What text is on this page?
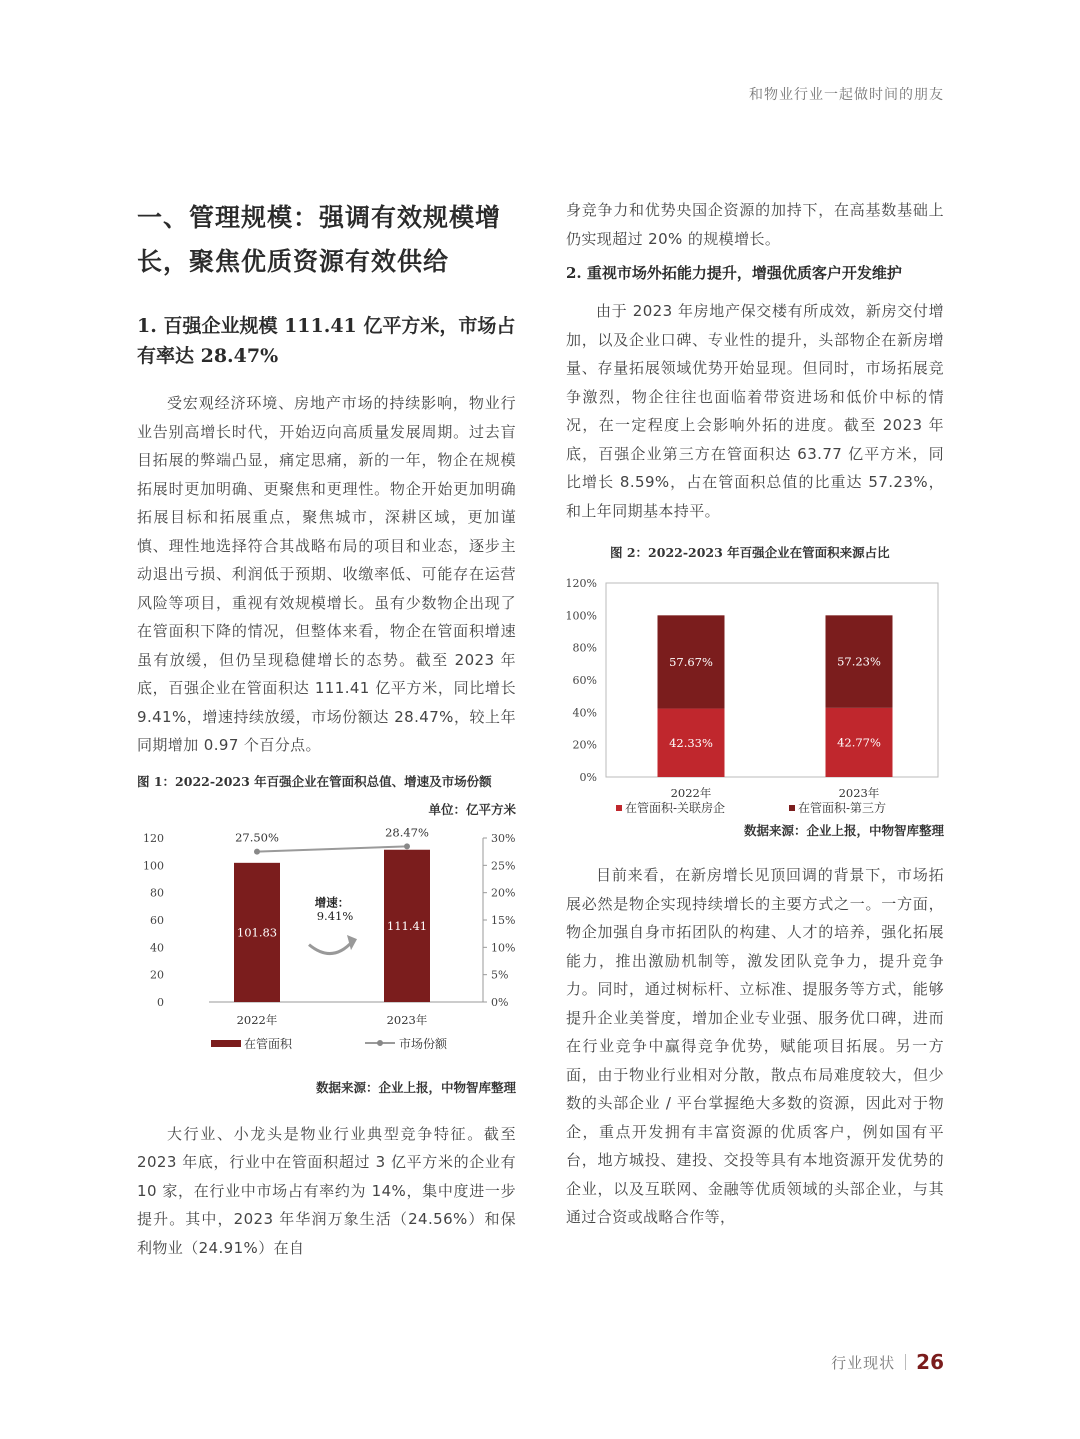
和物业行业一起做时间的朋友
一、管理规模：强调有效规模增长，聚焦优质资源有效供给
1. 百强企业规模 111.41 亿平方米，市场占有率达 28.47%

受宏观经济环境、房地产市场的持续影响，物业行业告别高增长时代，开始迈向高质量发展周期。过去盲目拓展的弊端凸显，痛定思痛，新的一年，物企在规模拓展时更加明确、更聚焦和更理性。物企开始更加明确拓展目标和拓展重点，聚焦城市，深耕区域，更加谨慎、理性地选择符合其战略布局的项目和业态，逐步主动退出亏损、利润低于预期、收缴率低、可能存在运营风险等项目，重视有效规模增长。虽有少数物企出现了在管面积下降的情况，但整体来看，物企在管面积增速虽有放缓，但仍呈现稳健增长的态势。截至 2023 年底，百强企业在管面积达 111.41 亿平方米，同比增长 9.41%，增速持续放缓，市场份额达 28.47%，较上年同期增加 0.97 个百分点。

图 1：2022-2023 年百强企业在管面积总值、增速及市场份额
单位：亿平方米
0
20
40
60
80
100
120
0%
5%
10%
15%
20%
25%
30%
101.83
2022年
111.41
2023年
27.50%	28.47%
增速：
9.41%
在管面积	市场份额
数据来源：企业上报，中物智库整理

大行业、小龙头是物业行业典型竞争特征。截至 2023 年底，行业中在管面积超过 3 亿平方米的企业有 10 家，在行业中市场占有率约为 14%，集中度进一步提升。其中，2023 年华润万象生活（24.56%）和保利物业（24.91%）在自

身竞争力和优势央国企资源的加持下，在高基数基础上仍实现超过 20% 的规模增长。

2. 重视市场外拓能力提升，增强优质客户开发维护

由于 2023 年房地产保交楼有所成效，新房交付增加，以及企业口碑、专业性的提升，头部物企在新房增量、存量拓展领域优势开始显现。但同时，市场拓展竞争激烈，物企往往也面临着带资进场和低价中标的情况，在一定程度上会影响外拓的进度。截至 2023 年底，百强企业第三方在管面积达 63.77 亿平方米，同比增长 8.59%，占在管面积总值的比重达 57.23%，和上年同期基本持平。

图 2：2022-2023 年百强企业在管面积来源占比
0%
20%
40%
60%
80%
100%
120%
42.33%
57.67%
2022年
42.77%
57.23%
2023年
在管面积-关联房企	在管面积-第三方
数据来源：企业上报，中物智库整理

目前来看，在新房增长见顶回调的背景下，市场拓展必然是物企实现持续增长的主要方式之一。一方面，物企加强自身市拓团队的构建、人才的培养，强化拓展能力，推出激励机制等，激发团队竞争力，提升竞争力。同时，通过树标杆、立标准、提服务等方式，能够提升企业美誉度，增加企业专业强、服务优口碑，进而在行业竞争中赢得竞争优势，赋能项目拓展。另一方面，由于物业行业相对分散，散点布局难度较大，但少数的头部企业 / 平台掌握绝大多数的资源，因此对于物企，重点开发拥有丰富资源的优质客户，例如国有平台，地方城投、建投、交投等具有本地资源开发优势的企业，以及互联网、金融等优质领域的头部企业，与其通过合资或战略合作等，

行业现状 26
